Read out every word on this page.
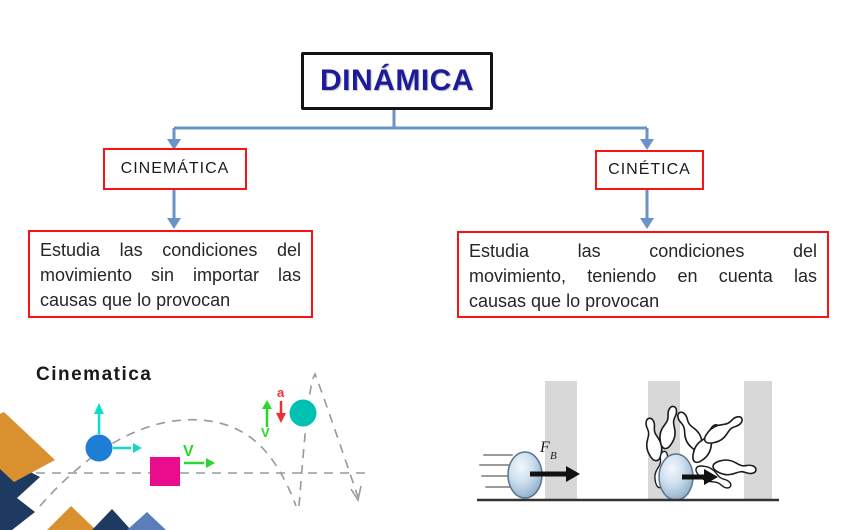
V
V
a
F B
DINÁMICA
CINEMÁTICA	CINÉTICA
Estudia las condiciones del
movimiento sin importar las
causas que lo provocan
Estudia las condiciones del
movimiento, teniendo en cuenta las
causas que lo provocan
Cinematica
